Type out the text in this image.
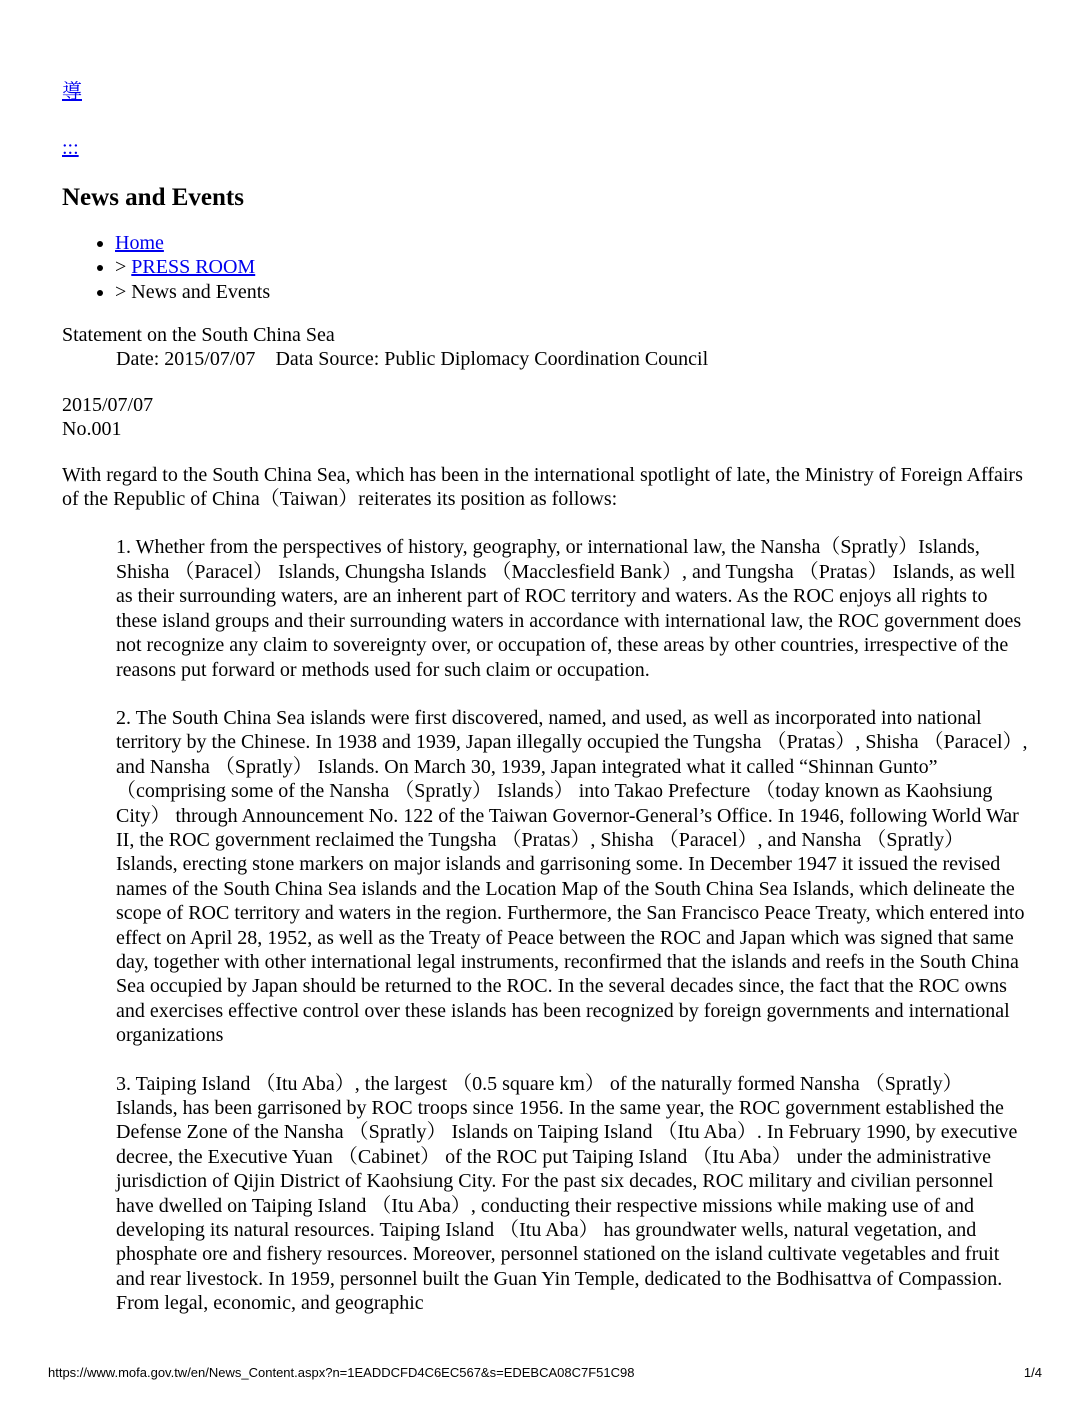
導
:::
News and Events
• Home
• > PRESS ROOM
• > News and Events
Statement on the South China Sea
Date: 2015/07/07 Data Source: Public Diplomacy Coordination Council
2015/07/07
No.001

With regard to the South China Sea, which has been in the international spotlight of late, the Ministry of Foreign Affairs of the Republic of China（Taiwan）reiterates its position as follows:

1. Whether from the perspectives of history, geography, or international law, the Nansha（Spratly）Islands, Shisha （Paracel） Islands, Chungsha Islands （Macclesfield Bank）, and Tungsha （Pratas） Islands, as well as their surrounding waters, are an inherent part of ROC territory and waters. As the ROC enjoys all rights to these island groups and their surrounding waters in accordance with international law, the ROC government does not recognize any claim to sovereignty over, or occupation of, these areas by other countries, irrespective of the reasons put forward or methods used for such claim or occupation.

2. The South China Sea islands were first discovered, named, and used, as well as incorporated into national territory by the Chinese. In 1938 and 1939, Japan illegally occupied the Tungsha （Pratas）, Shisha （Paracel）, and Nansha （Spratly） Islands. On March 30, 1939, Japan integrated what it called “Shinnan Gunto” （comprising some of the Nansha （Spratly） Islands） into Takao Prefecture （today known as Kaohsiung City） through Announcement No. 122 of the Taiwan Governor-General’s Office. In 1946, following World War II, the ROC government reclaimed the Tungsha （Pratas）, Shisha （Paracel）, and Nansha （Spratly） Islands, erecting stone markers on major islands and garrisoning some. In December 1947 it issued the revised names of the South China Sea islands and the Location Map of the South China Sea Islands, which delineate the scope of ROC territory and waters in the region. Furthermore, the San Francisco Peace Treaty, which entered into effect on April 28, 1952, as well as the Treaty of Peace between the ROC and Japan which was signed that same day, together with other international legal instruments, reconfirmed that the islands and reefs in the South China Sea occupied by Japan should be returned to the ROC. In the several decades since, the fact that the ROC owns and exercises effective control over these islands has been recognized by foreign governments and international organizations

3. Taiping Island （Itu Aba）, the largest （0.5 square km） of the naturally formed Nansha （Spratly） Islands, has been garrisoned by ROC troops since 1956. In the same year, the ROC government established the Defense Zone of the Nansha （Spratly） Islands on Taiping Island （Itu Aba）. In February 1990, by executive decree, the Executive Yuan （Cabinet） of the ROC put Taiping Island （Itu Aba） under the administrative jurisdiction of Qijin District of Kaohsiung City. For the past six decades, ROC military and civilian personnel have dwelled on Taiping Island （Itu Aba）, conducting their respective missions while making use of and developing its natural resources. Taiping Island （Itu Aba） has groundwater wells, natural vegetation, and phosphate ore and fishery resources. Moreover, personnel stationed on the island cultivate vegetables and fruit and rear livestock. In 1959, personnel built the Guan Yin Temple, dedicated to the Bodhisattva of Compassion. From legal, economic, and geographic

https://www.mofa.gov.tw/en/News_Content.aspx?n=1EADDCFD4C6EC567&s=EDEBCA08C7F51C98	1/4
